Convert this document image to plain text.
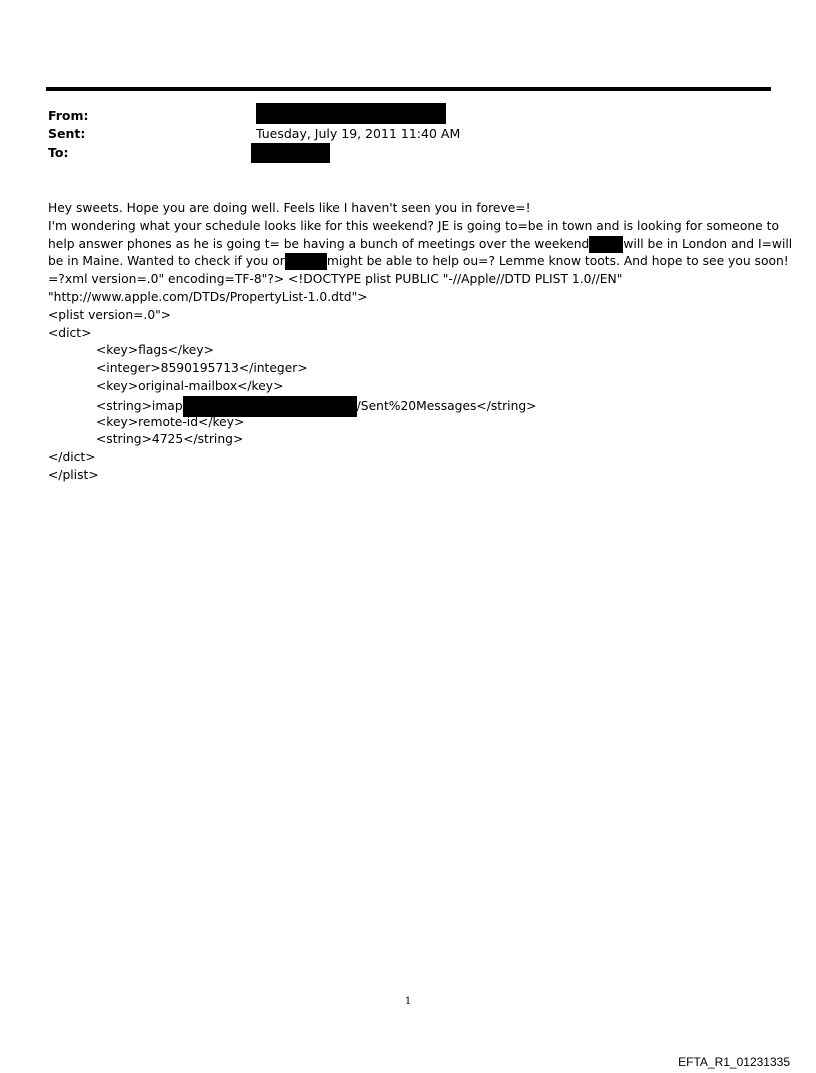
From:
Sent:	Tuesday, July 19, 2011 11:40 AM
To:
Hey sweets. Hope you are doing well. Feels like I haven't seen you in foreve=!
I'm wondering what your schedule looks like for this weekend? JE is going to=be in town and is looking for someone to
help answer phones as he is going t= be having a bunch of meetings over the weekend	will be in London and I=will
be in Maine. Wanted to check if you or	might be able to help ou=? Lemme know toots. And hope to see you soon!
=?xml version=.0" encoding=TF-8"?> <!DOCTYPE plist PUBLIC "-//Apple//DTD PLIST 1.0//EN"
"http://www.apple.com/DTDs/PropertyList-1.0.dtd">
<plist version=.0">
<dict>
<key>flags</key>
<integer>8590195713</integer>
<key>original-mailbox</key>
<string>imap	/Sent%20Messages</string>
<key>remote-id</key>
<string>4725</string>
</dict>
</plist>
1
EFTA_R1_01231335
